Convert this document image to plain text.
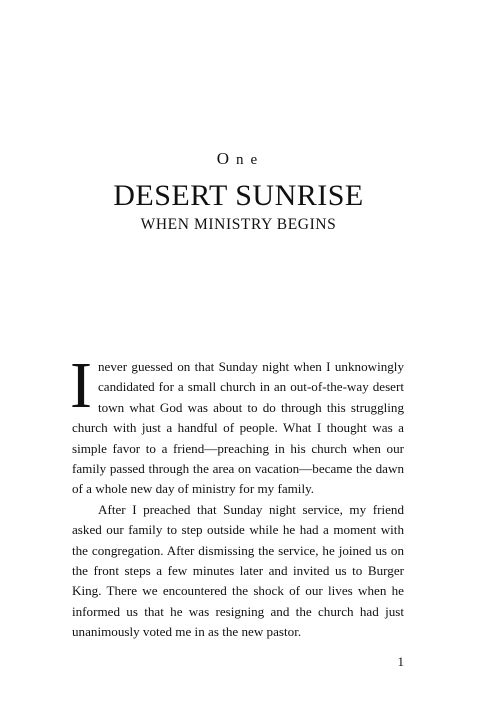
One
DESERT SUNRISE
WHEN MINISTRY BEGINS

Inever guessed on that Sunday night when I unknowingly candidated for a small church in an out-of-the-way desert town what God was about to do through this struggling church with just a handful of people. What I thought was a simple favor to a friend—preaching in his church when our family passed through the area on vacation—became the dawn of a whole new day of ministry for my family.

After I preached that Sunday night service, my friend asked our family to step outside while he had a moment with the congregation. After dismissing the service, he joined us on the front steps a few minutes later and invited us to Burger King. There we encountered the shock of our lives when he informed us that he was resigning and the church had just unanimously voted me in as the new pastor.

1
